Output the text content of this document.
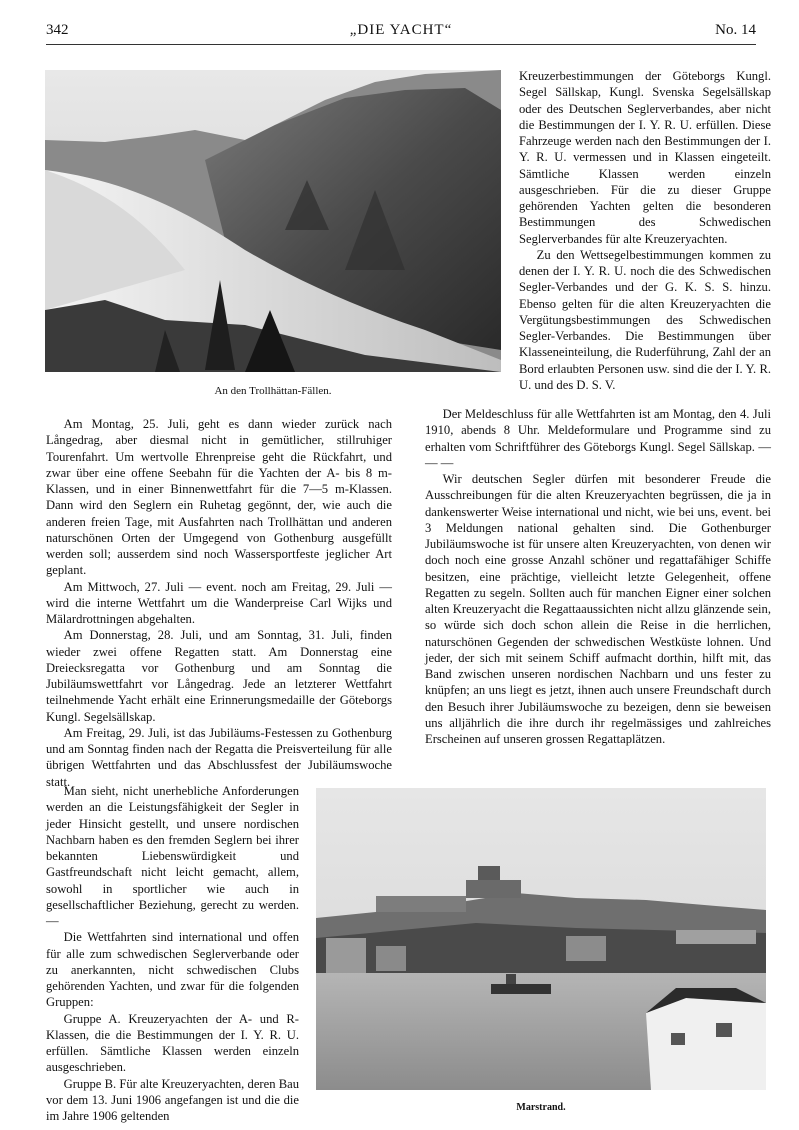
342	„DIE YACHT“	No. 14
An den Trollhättan-Fällen.

Kreuzerbestimmungen der Göteborgs Kungl. Segel Sällskap, Kungl. Svenska Segelsällskap oder des Deutschen Seglerverbandes, aber nicht die Bestimmungen der I. Y. R. U. erfüllen. Diese Fahrzeuge werden nach den Bestimmungen der I. Y. R. U. vermessen und in Klassen eingeteilt. Sämtliche Klassen werden einzeln ausgeschrieben. Für die zu dieser Gruppe gehörenden Yachten gelten die besonderen Bestimmungen des Schwedischen Seglerverbandes für alte Kreuzeryachten.

Zu den Wettsegelbestimmungen kommen zu denen der I. Y. R. U. noch die des Schwedischen Segler-Verbandes und der G. K. S. S. hinzu. Ebenso gelten für die alten Kreuzeryachten die Vergütungsbestimmungen des Schwedischen Segler-Verbandes. Die Bestimmungen über Klasseneinteilung, die Ruderführung, Zahl der an Bord erlaubten Personen usw. sind die der I. Y. R. U. und des D. S. V.

Der Meldeschluss für alle Wettfahrten ist am Montag, den 4. Juli 1910, abends 8 Uhr. Meldeformulare und Programme sind zu erhalten vom Schriftführer des Göteborgs Kungl. Segel Sällskap. — — —

Wir deutschen Segler dürfen mit besonderer Freude die Ausschreibungen für die alten Kreuzeryachten begrüssen, die ja in dankenswerter Weise international und nicht, wie bei uns, event. bei 3 Meldungen national gehalten sind. Die Gothenburger Jubiläumswoche ist für unsere alten Kreuzeryachten, von denen wir doch noch eine grosse Anzahl schöner und regattafähiger Schiffe besitzen, eine prächtige, vielleicht letzte Gelegenheit, offene Regatten zu segeln. Sollten auch für manchen Eigner einer solchen alten Kreuzeryacht die Regattaaussichten nicht allzu glänzende sein, so würde sich doch schon allein die Reise in die herrlichen, naturschönen Gegenden der schwedischen Westküste lohnen. Und jeder, der sich mit seinem Schiff aufmacht dorthin, hilft mit, das Band zwischen unseren nordischen Nachbarn und uns fester zu knüpfen; an uns liegt es jetzt, ihnen auch unsere Freundschaft durch den Besuch ihrer Jubiläumswoche zu bezeigen, denn sie beweisen uns alljährlich die ihre durch ihr regelmässiges und zahlreiches Erscheinen auf unseren grossen Regattaplätzen.

Am Montag, 25. Juli, geht es dann wieder zurück nach Långedrag, aber diesmal nicht in gemütlicher, stillruhiger Tourenfahrt. Um wertvolle Ehrenpreise geht die Rückfahrt, und zwar über eine offene Seebahn für die Yachten der A- bis 8 m-Klassen, und in einer Binnenwettfahrt für die 7—5 m-Klassen. Dann wird den Seglern ein Ruhetag gegönnt, der, wie auch die anderen freien Tage, mit Ausfahrten nach Trollhättan und anderen naturschönen Orten der Umgegend von Gothenburg ausgefüllt werden soll; ausserdem sind noch Wassersportfeste jeglicher Art geplant.

Am Mittwoch, 27. Juli — event. noch am Freitag, 29. Juli — wird die interne Wettfahrt um die Wanderpreise Carl Wijks und Mälardrottningen abgehalten.

Am Donnerstag, 28. Juli, und am Sonntag, 31. Juli, finden wieder zwei offene Regatten statt. Am Donnerstag eine Dreiecksregatta vor Gothenburg und am Sonntag die Jubiläumswettfahrt vor Långedrag. Jede an letzterer Wettfahrt teilnehmende Yacht erhält eine Erinnerungsmedaille der Göteborgs Kungl. Segelsällskap.

Am Freitag, 29. Juli, ist das Jubiläums-Festessen zu Gothenburg und am Sonntag finden nach der Regatta die Preisverteilung für alle übrigen Wettfahrten und das Abschlussfest der Jubiläumswoche statt.

Man sieht, nicht unerhebliche Anforderungen werden an die Leistungsfähigkeit der Segler in jeder Hinsicht gestellt, und unsere nordischen Nachbarn haben es den fremden Seglern bei ihrer bekannten Liebenswürdigkeit und Gastfreundschaft nicht leicht gemacht, allem, sowohl in sportlicher wie auch in gesellschaftlicher Beziehung, gerecht zu werden. —

Die Wettfahrten sind international und offen für alle zum schwedischen Seglerverbande oder zu anerkannten, nicht schwedischen Clubs gehörenden Yachten, und zwar für die folgenden Gruppen:

Gruppe A. Kreuzeryachten der A- und R-Klassen, die die Bestimmungen der I. Y. R. U. erfüllen. Sämtliche Klassen werden einzeln ausgeschrieben.

Gruppe B. Für alte Kreuzeryachten, deren Bau vor dem 13. Juni 1906 angefangen ist und die die im Jahre 1906 geltenden

Marstrand.
